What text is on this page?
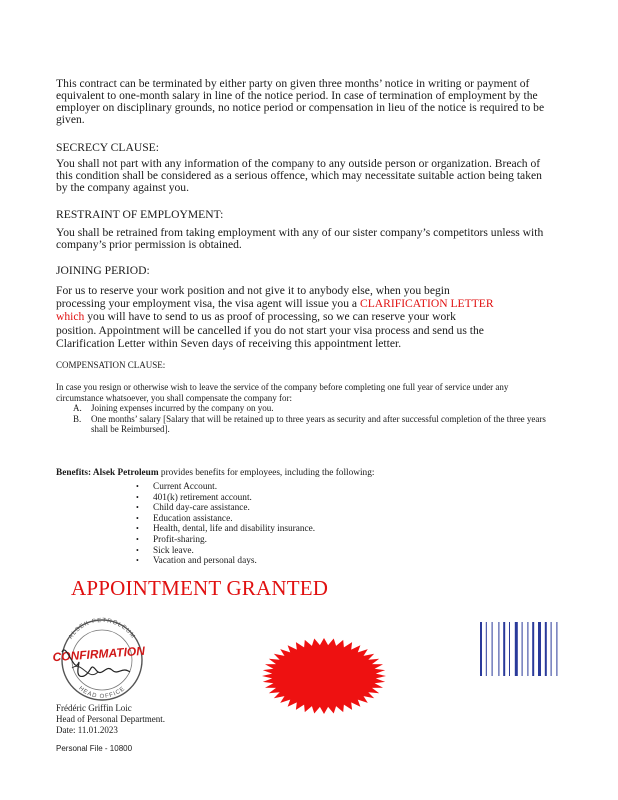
This contract can be terminated by either party on given three months’ notice in writing or payment of equivalent to one-month salary in line of the notice period. In case of termination of employment by the employer on disciplinary grounds, no notice period or compensation in lieu of the notice is required to be given.

SECRECY CLAUSE:

You shall not part with any information of the company to any outside person or organization. Breach of this condition shall be considered as a serious offence, which may necessitate suitable action being taken by the company against you.

RESTRAINT OF EMPLOYMENT:

You shall be retrained from taking employment with any of our sister company’s competitors unless with company’s prior permission is obtained.

JOINING PERIOD:

For us to reserve your work position and not give it to anybody else, when you begin processing your employment visa, the visa agent will issue you a CLARIFICATION LETTER which you will have to send to us as proof of processing, so we can reserve your work position. Appointment will be cancelled if you do not start your visa process and send us the Clarification Letter within Seven days of receiving this appointment letter.

COMPENSATION CLAUSE:

In case you resign or otherwise wish to leave the service of the company before completing one full year of service under any circumstance whatsoever, you shall compensate the company for:
A. Joining expenses incurred by the company on you.
B. One months’ salary [Salary that will be retained up to three years as security and after successful completion of the three years shall be Reimbursed].

Benefits: Alsek Petroleum provides benefits for employees, including the following:

• Current Account.
• 401(k) retirement account.
• Child day-care assistance.
• Education assistance.
• Health, dental, life and disability insurance.
• Profit-sharing.
• Sick leave.
• Vacation and personal days.
APPOINTMENT GRANTED
ALSEK PETROLEUM
HEAD OFFICE
CONFIRMATION
Frédéric Griffin Loic
Head of Personal Department.
Date: 11.01.2023
Personal File - 10800
